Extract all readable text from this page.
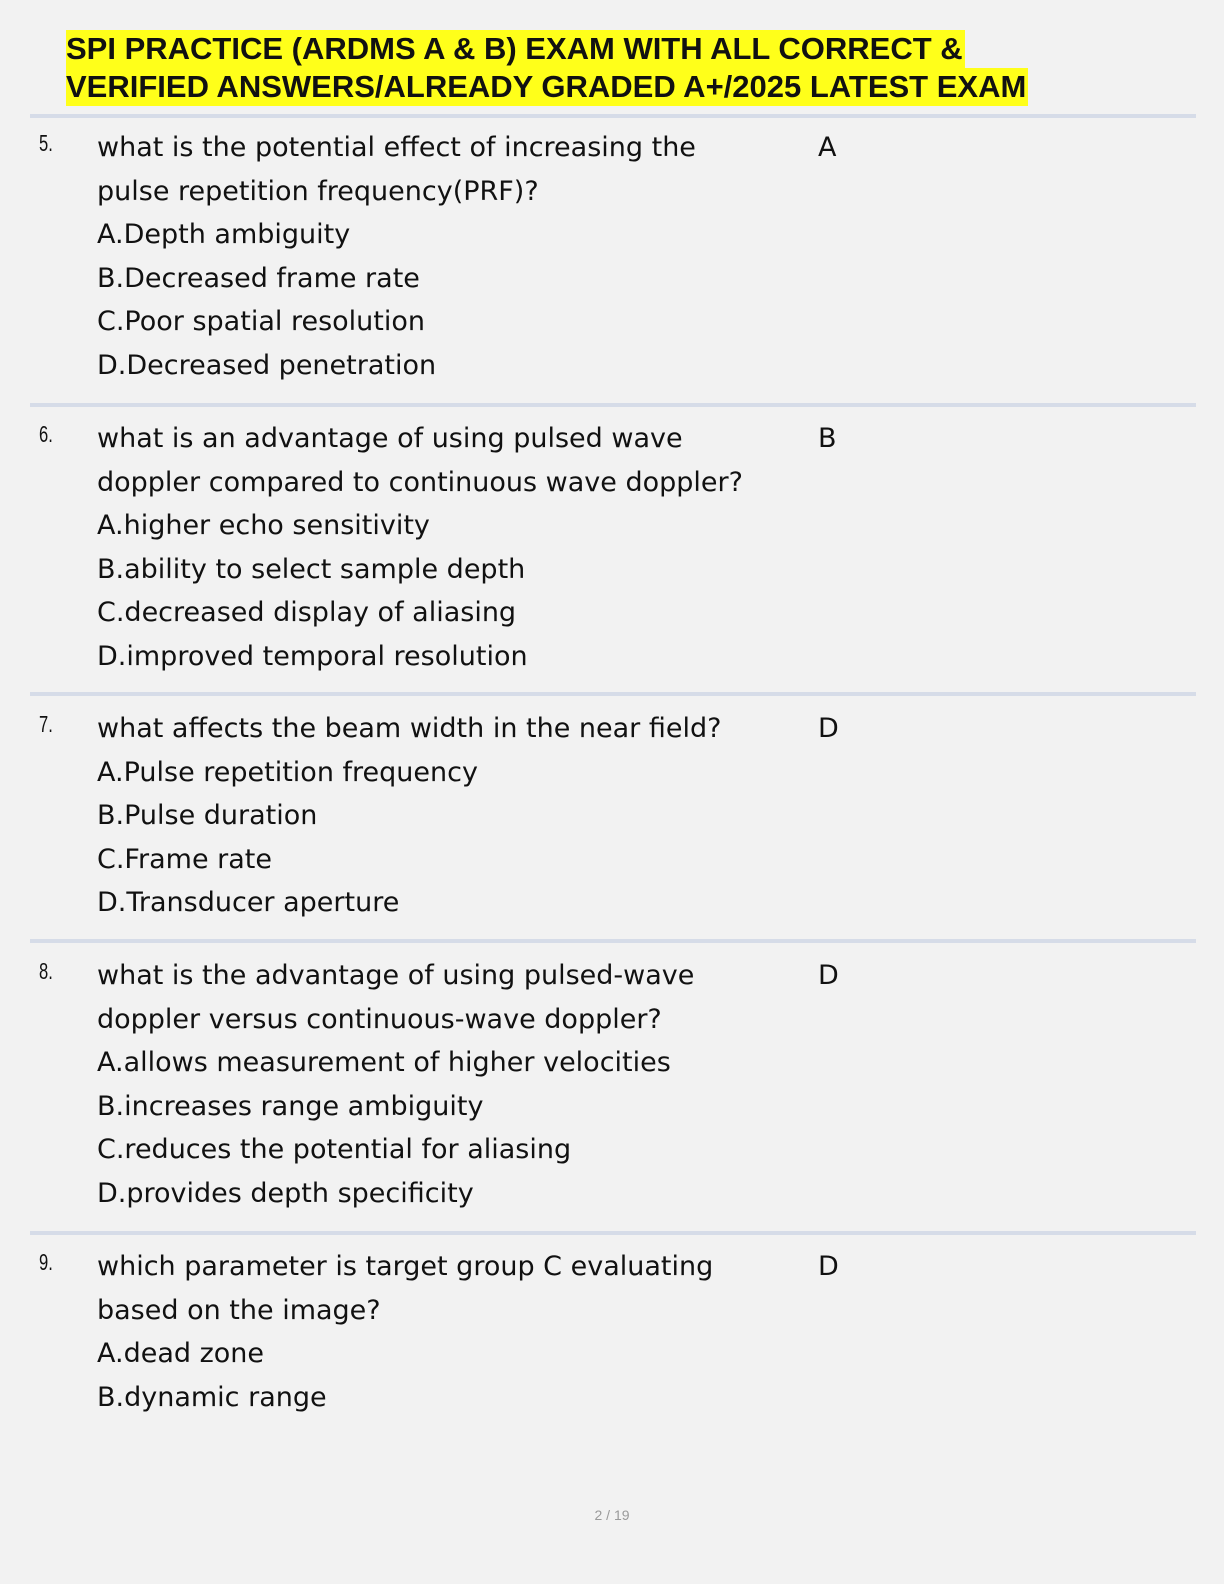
SPI PRACTICE (ARDMS A & B) EXAM WITH ALL CORRECT &
VERIFIED ANSWERS/ALREADY GRADED A+/2025 LATEST EXAM
5. what is the potential effect of increasing the
pulse repetition frequency(PRF)?
A.Depth ambiguity
B.Decreased frame rate
C.Poor spatial resolution
D.Decreased penetration
A
6. what is an advantage of using pulsed wave
doppler compared to continuous wave doppler?
A.higher echo sensitivity
B.ability to select sample depth
C.decreased display of aliasing
D.improved temporal resolution
B
7. what affects the beam width in the near field?
A.Pulse repetition frequency
B.Pulse duration
C.Frame rate
D.Transducer aperture
D
8. what is the advantage of using pulsed-wave
doppler versus continuous-wave doppler?
A.allows measurement of higher velocities
B.increases range ambiguity
C.reduces the potential for aliasing
D.provides depth specificity
D
9. which parameter is target group C evaluating
based on the image?
A.dead zone
B.dynamic range
D
2 / 19
